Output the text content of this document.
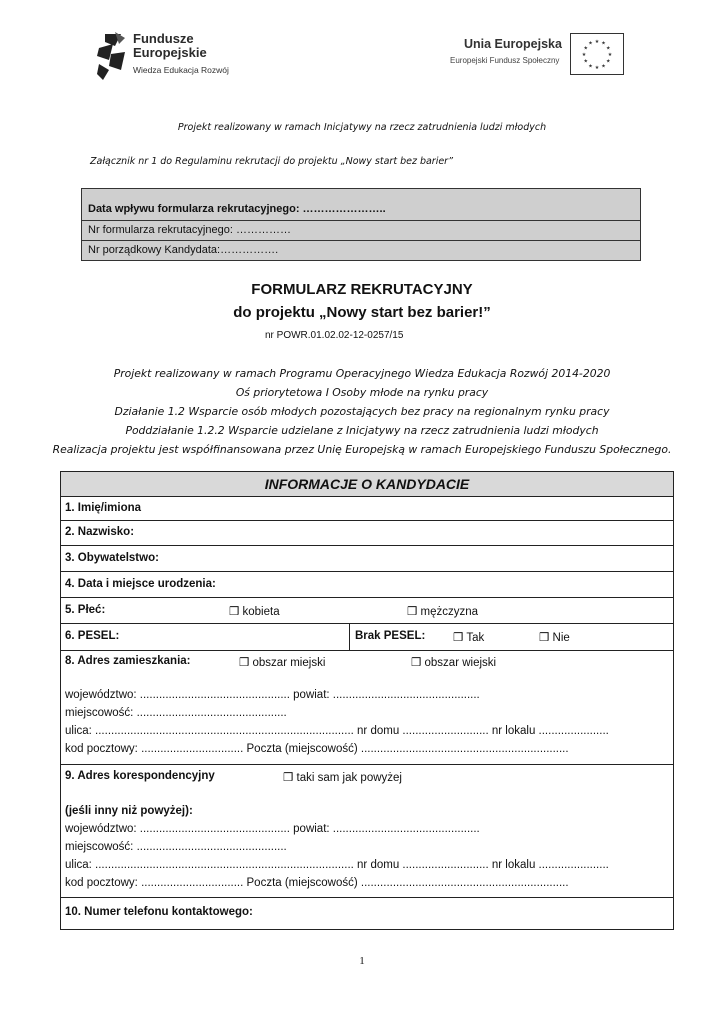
Fundusze
Europejskie
Wiedza Edukacja Rozwój
Unia Europejska
Europejski Fundusz Społeczny
★ ★
★
★
★
★
★
★
★
★
★
★
Projekt realizowany w ramach Inicjatywy na rzecz zatrudnienia ludzi młodych
Załącznik nr 1 do Regulaminu rekrutacji do projektu „Nowy start bez barier”
Data wpływu formularza rekrutacyjnego: …………………..
Nr formularza rekrutacyjnego: ……………
Nr porządkowy Kandydata:…………….
FORMULARZ REKRUTACYJNY
do projektu „Nowy start bez barier!”
nr POWR.01.02.02-12-0257/15
Projekt realizowany w ramach Programu Operacyjnego Wiedza Edukacja Rozwój 2014-2020
Oś priorytetowa I Osoby młode na rynku pracy
Działanie 1.2 Wsparcie osób młodych pozostających bez pracy na regionalnym rynku pracy
Poddziałanie 1.2.2 Wsparcie udzielane z Inicjatywy na rzecz zatrudnienia ludzi młodych
Realizacja projektu jest współfinansowana przez Unię Europejską w ramach Europejskiego Funduszu Społecznego.
INFORMACJE O KANDYDACIE
1. Imię/imiona
2. Nazwisko:
3. Obywatelstwo:
4. Data i miejsce urodzenia:
5. Płeć:	❒ kobieta	❒ mężczyzna
6. PESEL:	Brak PESEL: ❒ Tak	❒ Nie
8. Adres zamieszkania:	❒ obszar miejski	❒ obszar wiejski
województwo: ............................................... powiat: ..............................................
miejscowość: ...............................................
ulica: ................................................................................. nr domu ........................... nr lokalu ......................
kod pocztowy: ................................ Poczta (miejscowość) .................................................................
9. Adres korespondencyjny	❒ taki sam jak powyżej
(jeśli inny niż powyżej):
województwo: ............................................... powiat: ..............................................
miejscowość: ...............................................
ulica: ................................................................................. nr domu ........................... nr lokalu ......................
kod pocztowy: ................................ Poczta (miejscowość) .................................................................
10. Numer telefonu kontaktowego:
1
